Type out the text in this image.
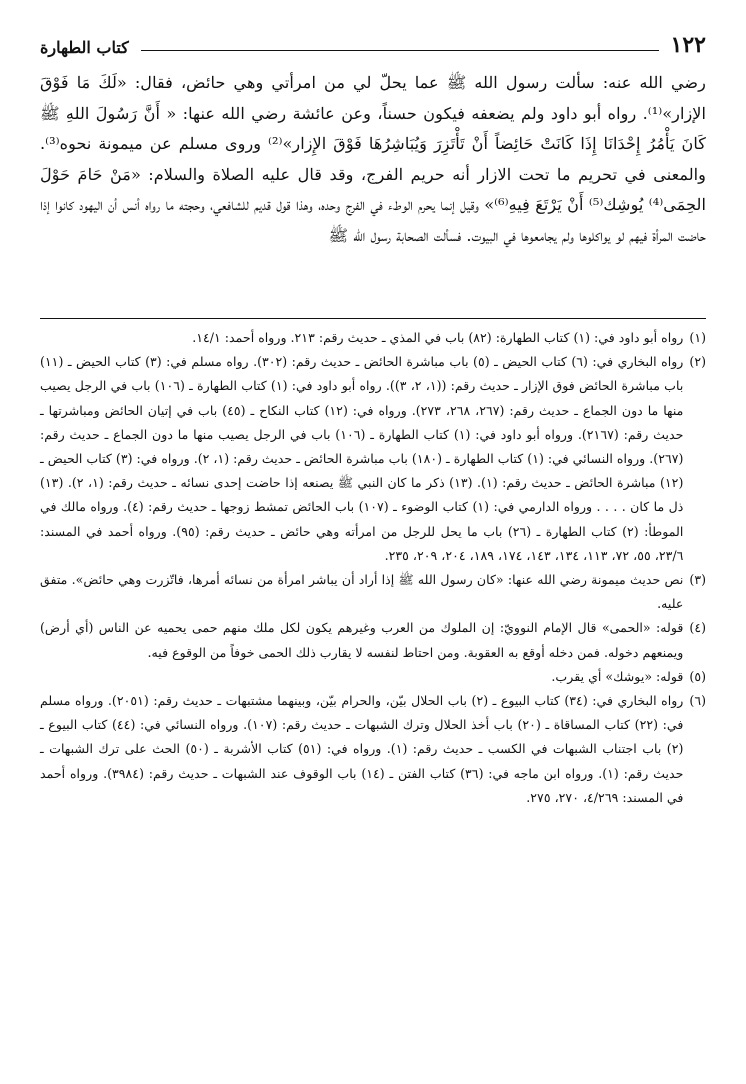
١٢٢
كتاب الطهارة

رضي الله عنه: سألت رسول الله ﷺ عما يحلّ لي من امرأتي وهي حائض، فقال: «لَكَ مَا فَوْقَ الإزار»⁽¹⁾. رواه أبو داود ولم يضعفه فيكون حسناً، وعن عائشة رضي الله عنها: « أَنَّ رَسُولَ اللهِ ﷺ كَانَ يَأْمُرُ إِحْدَانَا إِذَا كَانَتْ حَائِضاً أَنْ تَأْتَزِرَ وَيُبَاشِرُهَا فَوْقَ الإِزار»⁽²⁾ وروى مسلم عن ميمونة نحوه⁽³⁾. والمعنى في تحريم ما تحت الازار أنه حريم الفرج، وقد قال عليه الصلاة والسلام: «مَنْ حَامَ حَوْلَ الحِمَى⁽⁴⁾ يُوشِك⁽⁵⁾ أَنْ يَرْتَعَ فِيهِ⁽⁶⁾» وقيل إنما يحرم الوطء في الفرج وحده، وهذا قول قديم للشافعي، وحجته ما رواه أنس أن اليهود كانوا إذا حاضت المرأة فيهم لو يواكلوها ولم يجامعوها في البيوت. فسألت الصحابة رسول الله ﷺ

(١)
رواه أبو داود في: (١) كتاب الطهارة: (٨٢) باب في المذي ـ حديث رقم: ٢١٣. ورواه أحمد: ١٤/١.
(٢)
رواه البخاري في: (٦) كتاب الحيض ـ (٥) باب مباشرة الحائض ـ حديث رقم: (٣٠٢). رواه مسلم في: (٣) كتاب الحيض ـ (١١) باب مباشرة الحائض فوق الإزار ـ حديث رقم: ((١، ٢، ٣)). رواه أبو داود في: (١) كتاب الطهارة ـ (١٠٦) باب في الرجل يصيب منها ما دون الجماع ـ حديث رقم: (٢٦٧، ٢٦٨، ٢٧٣). ورواه في: (١٢) كتاب النكاح ـ (٤٥) باب في إتيان الحائض ومباشرتها ـ حديث رقم: (٢١٦٧). ورواه أبو داود في: (١) كتاب الطهارة ـ (١٠٦) باب في الرجل يصيب منها ما دون الجماع ـ حديث رقم: (٢٦٧). ورواه النسائي في: (١) كتاب الطهارة ـ (١٨٠) باب مباشرة الحائض ـ حديث رقم: (١، ٢). ورواه في: (٣) كتاب الحيض ـ (١٢) مباشرة الحائض ـ حديث رقم: (١). (١٣) ذكر ما كان النبي ﷺ يصنعه إذا حاضت إحدى نسائه ـ حديث رقم: (١، ٢). (١٣) ذل ما كان . . . . ورواه الدارمي في: (١) كتاب الوضوء ـ (١٠٧) باب الحائض تمشط زوجها ـ حديث رقم: (٤). ورواه مالك في الموطأ: (٢) كتاب الطهارة ـ (٢٦) باب ما يحل للرجل من امرأته وهي حائض ـ حديث رقم: (٩٥). ورواه أحمد في المسند: ٢٣/٦، ٥٥، ٧٢، ١١٣، ١٣٤، ١٤٣، ١٧٤، ١٨٩، ٢٠٤، ٢٠٩، ٢٣٥.
(٣)
نص حديث ميمونة رضي الله عنها: «كان رسول الله ﷺ إذا أراد أن يباشر امرأة من نسائه أمرها، فاتّزرت وهي حائض». متفق عليه.
(٤)
قوله: «الحمى» قال الإمام النوويّ: إن الملوك من العرب وغيرهم يكون لكل ملك منهم حمى يحميه عن الناس (أي أرض) ويمنعهم دخوله. فمن دخله أوقع به العقوبة. ومن احتاط لنفسه لا يقارب ذلك الحمى خوفاً من الوقوع فيه.
(٥)
قوله: «يوشك» أي يقرب.
(٦)
رواه البخاري في: (٣٤) كتاب البيوع ـ (٢) باب الحلال بيّن، والحرام بيّن، وبينهما مشتبهات ـ حديث رقم: (٢٠٥١). ورواه مسلم في: (٢٢) كتاب المساقاة ـ (٢٠) باب أخذ الحلال وترك الشبهات ـ حديث رقم: (١٠٧). ورواه النسائي في: (٤٤) كتاب البيوع ـ (٢) باب اجتناب الشبهات في الكسب ـ حديث رقم: (١). ورواه في: (٥١) كتاب الأشربة ـ (٥٠) الحث على ترك الشبهات ـ حديث رقم: (١). ورواه ابن ماجه في: (٣٦) كتاب الفتن ـ (١٤) باب الوقوف عند الشبهات ـ حديث رقم: (٣٩٨٤). ورواه أحمد في المسند: ٤/٢٦٩، ٢٧٠، ٢٧٥.
